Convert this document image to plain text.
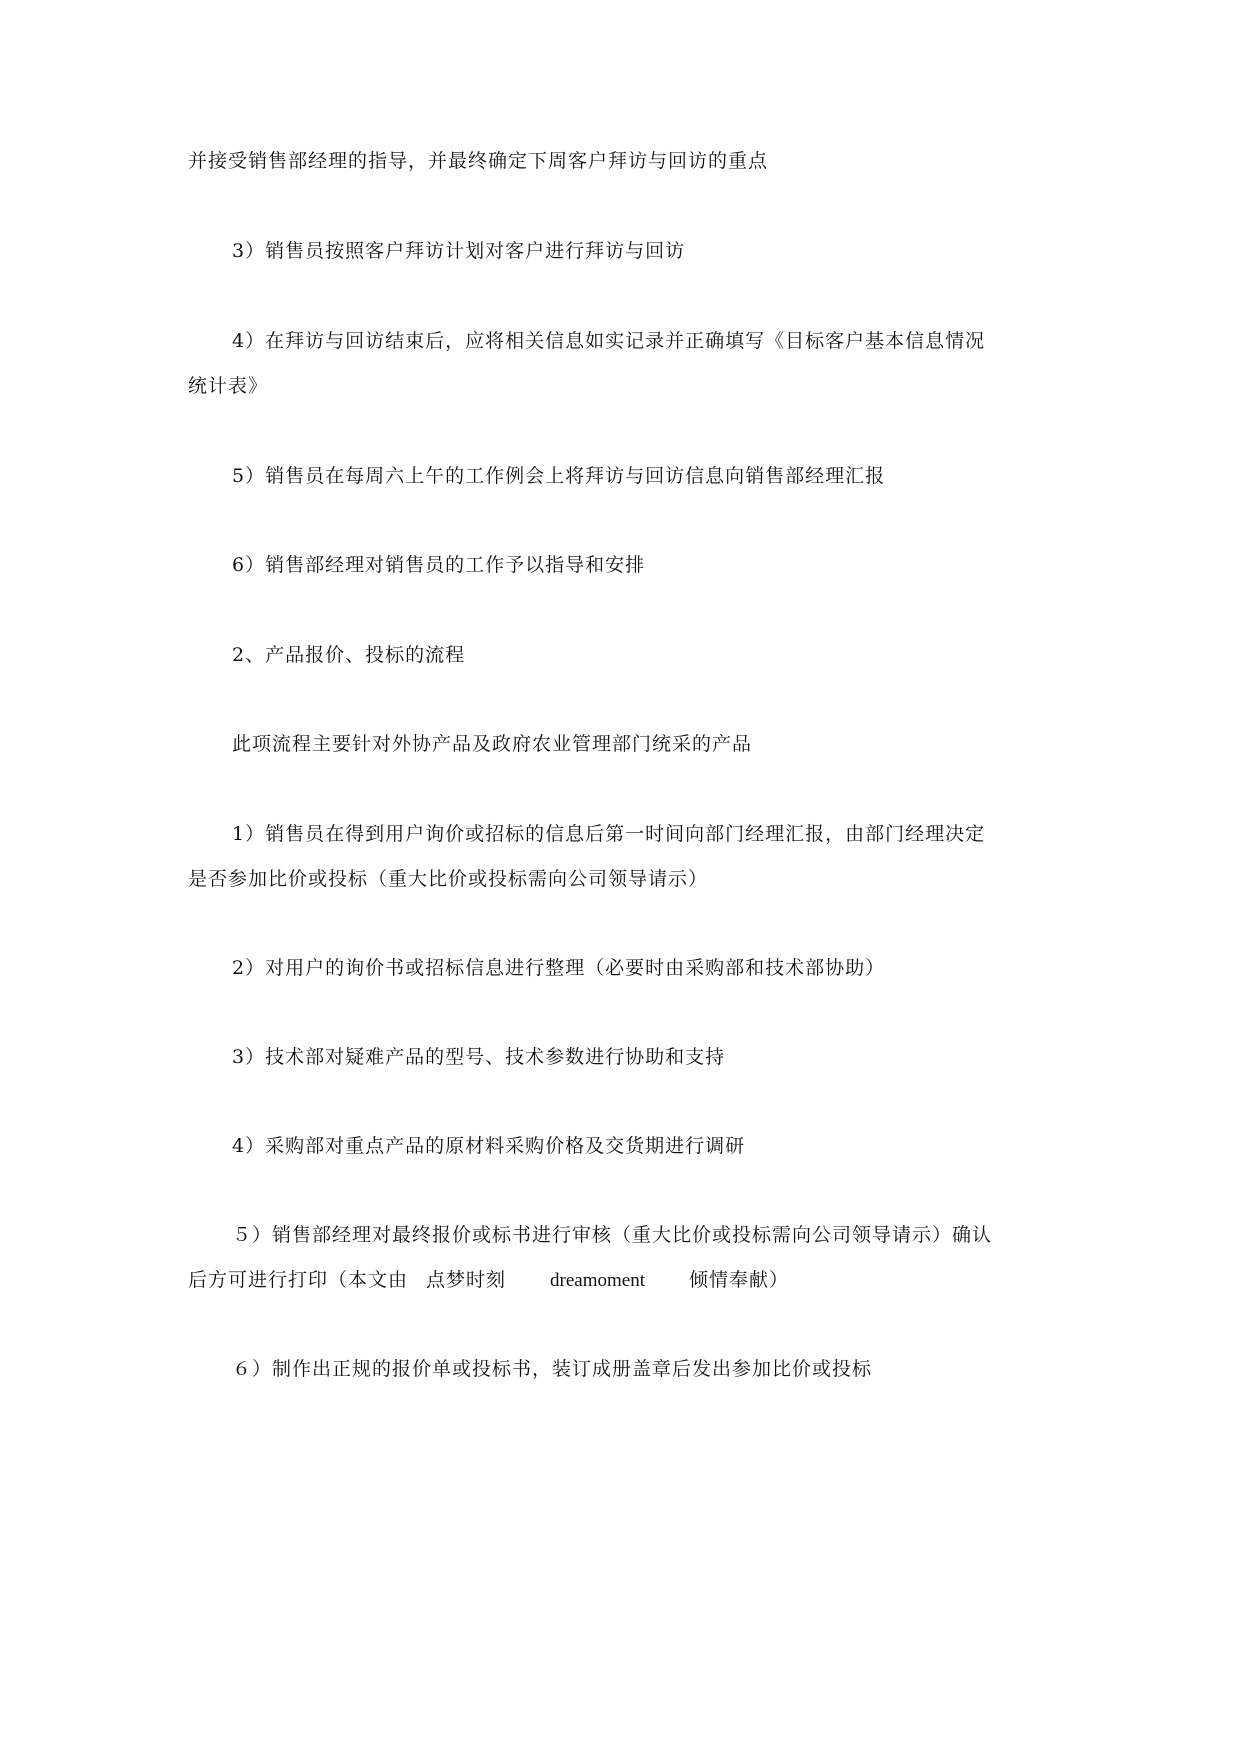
并接受销售部经理的指导，并最终确定下周客户拜访与回访的重点
3）销售员按照客户拜访计划对客户进行拜访与回访
4）在拜访与回访结束后，应将相关信息如实记录并正确填写《目标客户基本信息情况
统计表》
5）销售员在每周六上午的工作例会上将拜访与回访信息向销售部经理汇报
6）销售部经理对销售员的工作予以指导和安排
2、产品报价、投标的流程
此项流程主要针对外协产品及政府农业管理部门统采的产品
1）销售员在得到用户询价或招标的信息后第一时间向部门经理汇报，由部门经理决定
是否参加比价或投标（重大比价或投标需向公司领导请示）
2）对用户的询价书或招标信息进行整理（必要时由采购部和技术部协助）
3）技术部对疑难产品的型号、技术参数进行协助和支持
4）采购部对重点产品的原材料采购价格及交货期进行调研
５）销售部经理对最终报价或标书进行审核（重大比价或投标需向公司领导请示）确认
后方可进行打印（本文由 点梦时刻 dreamoment 倾情奉献）
６）制作出正规的报价单或投标书，装订成册盖章后发出参加比价或投标
